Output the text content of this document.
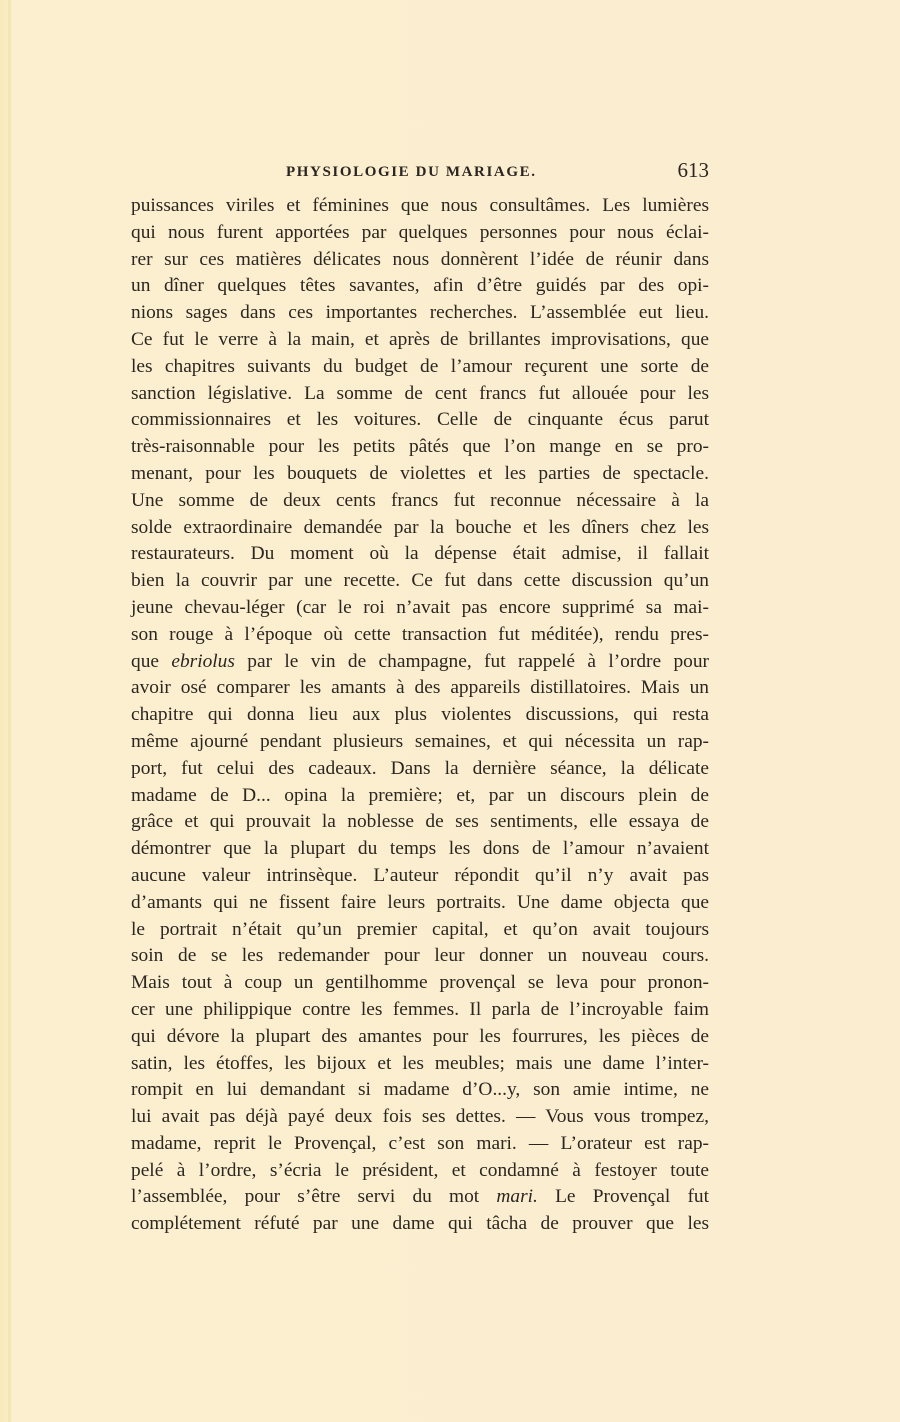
PHYSIOLOGIE DU MARIAGE.	613
puissances viriles et féminines que nous consultâmes. Les lumières
qui nous furent apportées par quelques personnes pour nous éclai-
rer sur ces matières délicates nous donnèrent l’idée de réunir dans
un dîner quelques têtes savantes, afin d’être guidés par des opi-
nions sages dans ces importantes recherches. L’assemblée eut lieu.
Ce fut le verre à la main, et après de brillantes improvisations, que
les chapitres suivants du budget de l’amour reçurent une sorte de
sanction législative. La somme de cent francs fut allouée pour les
commissionnaires et les voitures. Celle de cinquante écus parut
très-raisonnable pour les petits pâtés que l’on mange en se pro-
menant, pour les bouquets de violettes et les parties de spectacle.
Une somme de deux cents francs fut reconnue nécessaire à la
solde extraordinaire demandée par la bouche et les dîners chez les
restaurateurs. Du moment où la dépense était admise, il fallait
bien la couvrir par une recette. Ce fut dans cette discussion qu’un
jeune chevau-léger (car le roi n’avait pas encore supprimé sa mai-
son rouge à l’époque où cette transaction fut méditée), rendu pres-
que ebriolus par le vin de champagne, fut rappelé à l’ordre pour
avoir osé comparer les amants à des appareils distillatoires. Mais un
chapitre qui donna lieu aux plus violentes discussions, qui resta
même ajourné pendant plusieurs semaines, et qui nécessita un rap-
port, fut celui des cadeaux. Dans la dernière séance, la délicate
madame de D... opina la première; et, par un discours plein de
grâce et qui prouvait la noblesse de ses sentiments, elle essaya de
démontrer que la plupart du temps les dons de l’amour n’avaient
aucune valeur intrinsèque. L’auteur répondit qu’il n’y avait pas
d’amants qui ne fissent faire leurs portraits. Une dame objecta que
le portrait n’était qu’un premier capital, et qu’on avait toujours
soin de se les redemander pour leur donner un nouveau cours.
Mais tout à coup un gentilhomme provençal se leva pour pronon-
cer une philippique contre les femmes. Il parla de l’incroyable faim
qui dévore la plupart des amantes pour les fourrures, les pièces de
satin, les étoffes, les bijoux et les meubles; mais une dame l’inter-
rompit en lui demandant si madame d’O...y, son amie intime, ne
lui avait pas déjà payé deux fois ses dettes. — Vous vous trompez,
madame, reprit le Provençal, c’est son mari. — L’orateur est rap-
pelé à l’ordre, s’écria le président, et condamné à festoyer toute
l’assemblée, pour s’être servi du mot mari. Le Provençal fut
complétement réfuté par une dame qui tâcha de prouver que les
